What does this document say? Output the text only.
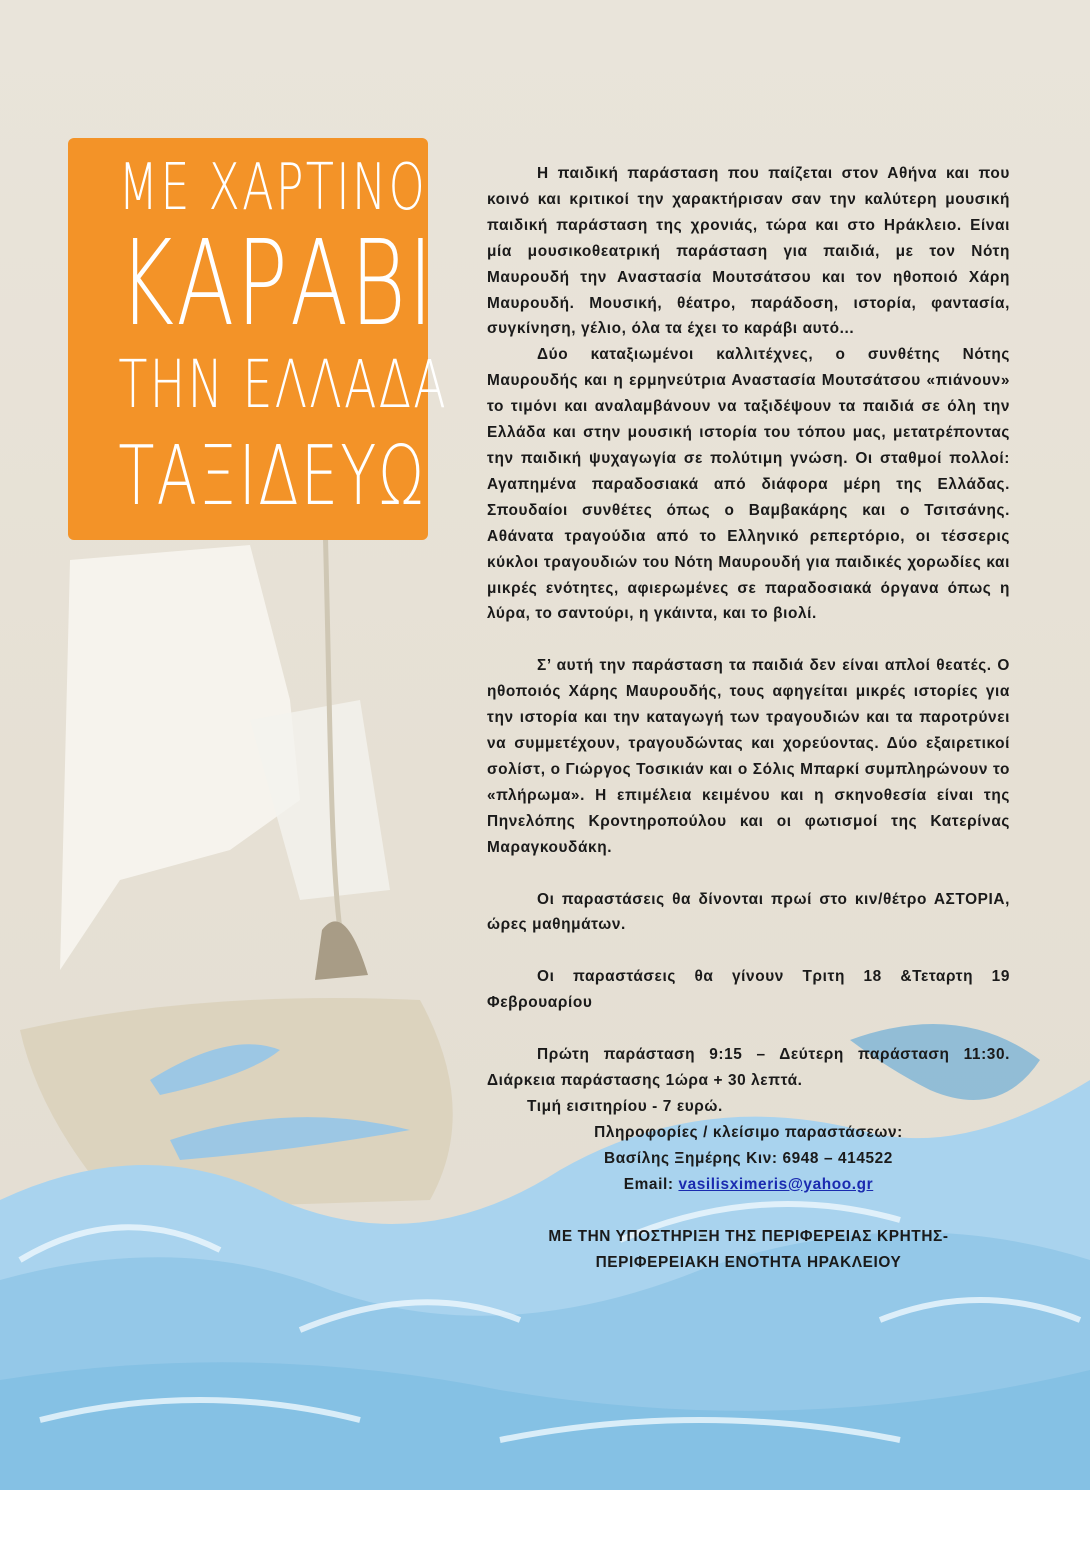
ΜΕ ΧΑΡΤΙΝΟ
ΚΑΡΑΒΙ
ΤΗΝ ΕΛΛΑΔΑ
ΤΑΞΙΔΕΥΩ

Η παιδική παράσταση που παίζεται στον Αθήνα και που κοινό και κριτικοί την χαρακτήρισαν σαν την καλύτερη μουσική παιδική παράσταση της χρονιάς, τώρα και στο Ηράκλειο. Είναι μία μουσικοθεατρική παράσταση για παιδιά, με τον Νότη Μαυρουδή την Αναστασία Μουτσάτσου και τον ηθοποιό Χάρη Μαυρουδή. Μουσική, θέατρο, παράδοση, ιστορία, φαντασία, συγκίνηση, γέλιο, όλα τα έχει το καράβι αυτό...

Δύο καταξιωμένοι καλλιτέχνες, ο συνθέτης Νότης Μαυρουδής και η ερμηνεύτρια Αναστασία Μουτσάτσου «πιάνουν» το τιμόνι και αναλαμβάνουν να ταξιδέψουν τα παιδιά σε όλη την Ελλάδα και στην μουσική ιστορία του τόπου μας, μετατρέποντας την παιδική ψυχαγωγία σε πολύτιμη γνώση. Οι σταθμοί πολλοί: Αγαπημένα παραδοσιακά από διάφορα μέρη της Ελλάδας. Σπουδαίοι συνθέτες όπως ο Βαμβακάρης και ο Τσιτσάνης. Αθάνατα τραγούδια από το Ελληνικό ρεπερτόριο, οι τέσσερις κύκλοι τραγουδιών του Νότη Μαυρουδή για παιδικές χορωδίες και μικρές ενότητες, αφιερωμένες σε παραδοσιακά όργανα όπως η λύρα, το σαντούρι, η γκάιντα, και το βιολί.

Σ’ αυτή την παράσταση τα παιδιά δεν είναι απλοί θεατές. Ο ηθοποιός Χάρης Μαυρουδής, τους αφηγείται μικρές ιστορίες για την ιστορία και την καταγωγή των τραγουδιών και τα παροτρύνει να συμμετέχουν, τραγουδώντας και χορεύοντας. Δύο εξαιρετικοί σολίστ, ο Γιώργος Τοσικιάν και ο Σόλις Μπαρκί συμπληρώνουν το «πλήρωμα». Η επιμέλεια κειμένου και η σκηνοθεσία είναι της Πηνελόπης Κροντηροπούλου και οι φωτισμοί της Κατερίνας Μαραγκουδάκη.

Οι παραστάσεις θα δίνονται πρωί στο κιν/θέτρο ΑΣΤΟΡΙΑ, ώρες μαθημάτων.

Οι παραστάσεις θα γίνουν Τριτη 18 &Τεταρτη 19 Φεβρουαρίου

Πρώτη παράσταση 9:15 – Δεύτερη παράσταση 11:30. Διάρκεια παράστασης 1ώρα + 30 λεπτά.

Τιμή εισιτηρίου - 7 ευρώ.

Πληροφορίες / κλείσιμο παραστάσεων:

Βασίλης Ξημέρης Κιν: 6948 – 414522

Email: vasilisximeris@yahoo.gr

ΜΕ ΤΗΝ ΥΠΟΣΤΗΡΙΞΗ ΤΗΣ ΠΕΡΙΦΕΡΕΙΑΣ ΚΡΗΤΗΣ-

ΠΕΡΙΦΕΡΕΙΑΚΗ ΕΝΟΤΗΤΑ ΗΡΑΚΛΕΙΟΥ
